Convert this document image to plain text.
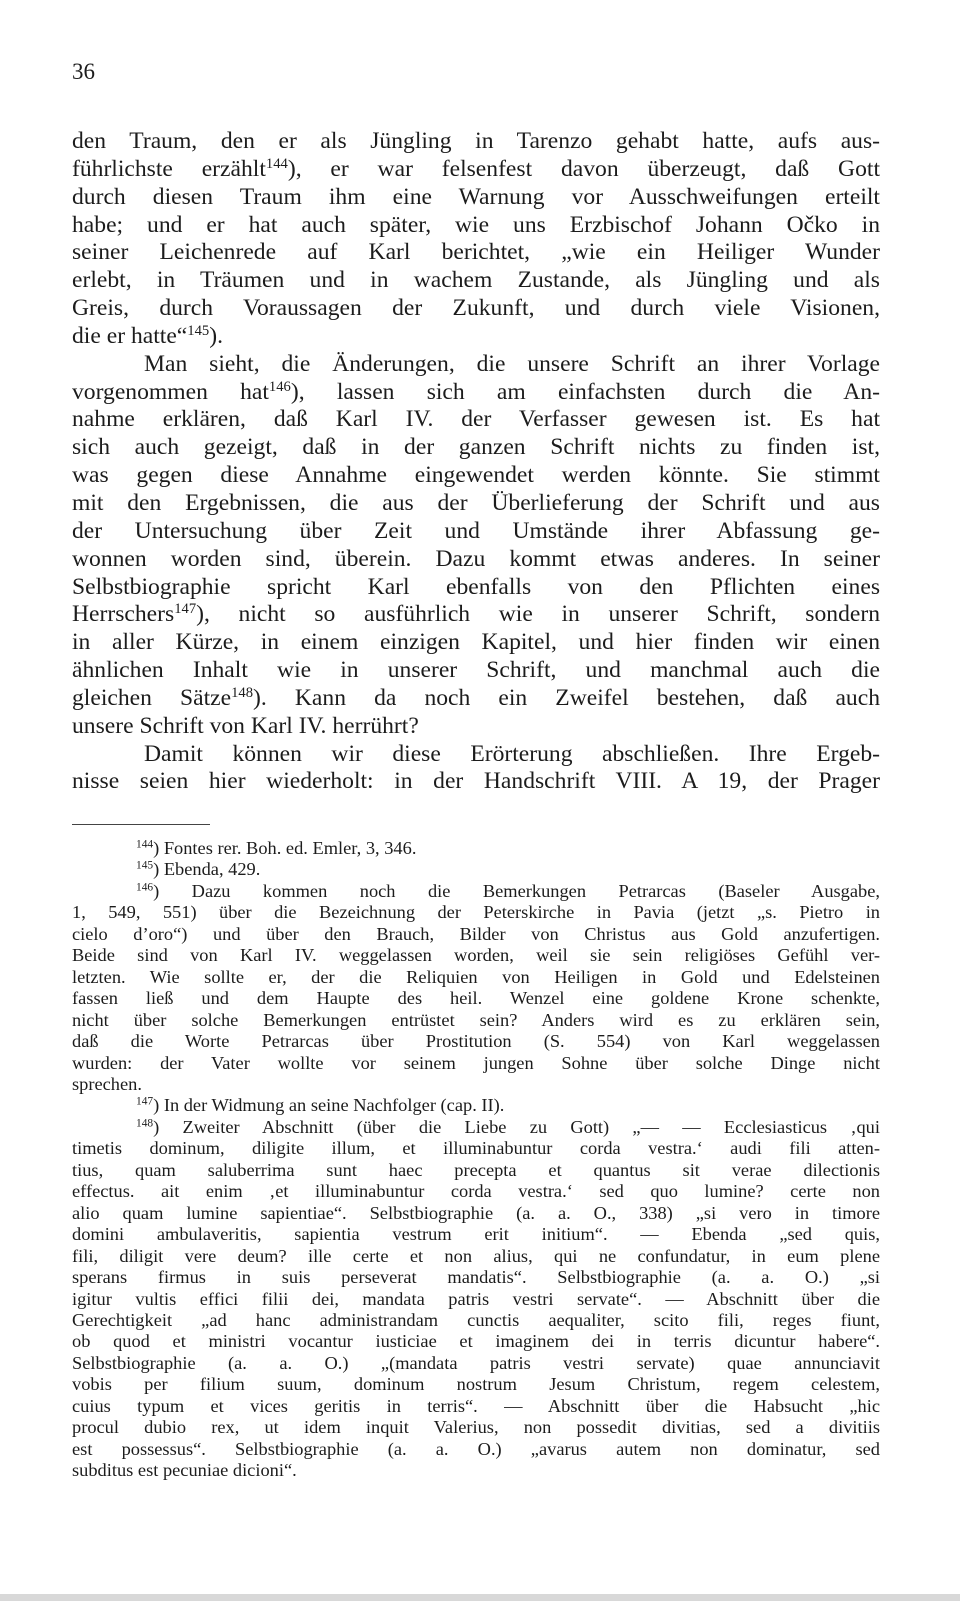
36
den Traum, den er als Jüngling in Tarenzo gehabt hatte, aufs aus-
führlichste erzählt$^{144}$), er war felsenfest davon überzeugt, daß Gott
durch diesen Traum ihm eine Warnung vor Ausschweifungen erteilt
habe; und er hat auch später, wie uns Erzbischof Johann Očko in
seiner Leichenrede auf Karl berichtet, „wie ein Heiliger Wunder
erlebt, in Träumen und in wachem Zustande, als Jüngling und als
Greis, durch Voraussagen der Zukunft, und durch viele Visionen,
die er hatte“$^{145}$).
Man sieht, die Änderungen, die unsere Schrift an ihrer Vorlage
vorgenommen hat$^{146}$), lassen sich am einfachsten durch die An-
nahme erklären, daß Karl IV. der Verfasser gewesen ist. Es hat
sich auch gezeigt, daß in der ganzen Schrift nichts zu finden ist,
was gegen diese Annahme eingewendet werden könnte. Sie stimmt
mit den Ergebnissen, die aus der Überlieferung der Schrift und aus
der Untersuchung über Zeit und Umstände ihrer Abfassung ge-
wonnen worden sind, überein. Dazu kommt etwas anderes. In seiner
Selbstbiographie spricht Karl ebenfalls von den Pflichten eines
Herrschers$^{147}$), nicht so ausführlich wie in unserer Schrift, sondern
in aller Kürze, in einem einzigen Kapitel, und hier finden wir einen
ähnlichen Inhalt wie in unserer Schrift, und manchmal auch die
gleichen Sätze$^{148}$). Kann da noch ein Zweifel bestehen, daß auch
unsere Schrift von Karl IV. herrührt?
Damit können wir diese Erörterung abschließen. Ihre Ergeb-
nisse seien hier wiederholt: in der Handschrift VIII. A 19, der Prager
$^{144}$) Fontes rer. Boh. ed. Emler, 3, 346.
$^{145}$) Ebenda, 429.
$^{146}$) Dazu kommen noch die Bemerkungen Petrarcas (Baseler Ausgabe,
1, 549, 551) über die Bezeichnung der Peterskirche in Pavia (jetzt „s. Pietro in
cielo d’oro“) und über den Brauch, Bilder von Christus aus Gold anzufertigen.
Beide sind von Karl IV. weggelassen worden, weil sie sein religiöses Gefühl ver-
letzten. Wie sollte er, der die Reliquien von Heiligen in Gold und Edelsteinen
fassen ließ und dem Haupte des heil. Wenzel eine goldene Krone schenkte,
nicht über solche Bemerkungen entrüstet sein? Anders wird es zu erklären sein,
daß die Worte Petrarcas über Prostitution (S. 554) von Karl weggelassen
wurden: der Vater wollte vor seinem jungen Sohne über solche Dinge nicht
sprechen.
$^{147}$) In der Widmung an seine Nachfolger (cap. II).
$^{148}$) Zweiter Abschnitt (über die Liebe zu Gott) „— — Ecclesiasticus ‚qui
timetis dominum, diligite illum, et illuminabuntur corda vestra.‘ audi fili atten-
tius, quam saluberrima sunt haec precepta et quantus sit verae dilectionis
effectus. ait enim ‚et illuminabuntur corda vestra.‘ sed quo lumine? certe non
alio quam lumine sapientiae“. Selbstbiographie (a. a. O., 338) „si vero in timore
domini ambulaveritis, sapientia vestrum erit initium“. — Ebenda „sed quis,
fili, diligit vere deum? ille certe et non alius, qui ne confundatur, in eum plene
sperans firmus in suis perseverat mandatis“. Selbstbiographie (a. a. O.) „si
igitur vultis effici filii dei, mandata patris vestri servate“. — Abschnitt über die
Gerechtigkeit „ad hanc administrandam cunctis aequaliter, scito fili, reges fiunt,
ob quod et ministri vocantur iusticiae et imaginem dei in terris dicuntur habere“.
Selbstbiographie (a. a. O.) „(mandata patris vestri servate) quae annunciavit
vobis per filium suum, dominum nostrum Jesum Christum, regem celestem,
cuius typum et vices geritis in terris“. — Abschnitt über die Habsucht „hic
procul dubio rex, ut idem inquit Valerius, non possedit divitias, sed a divitiis
est possessus“. Selbstbiographie (a. a. O.) „avarus autem non dominatur, sed
subditus est pecuniae dicioni“.
